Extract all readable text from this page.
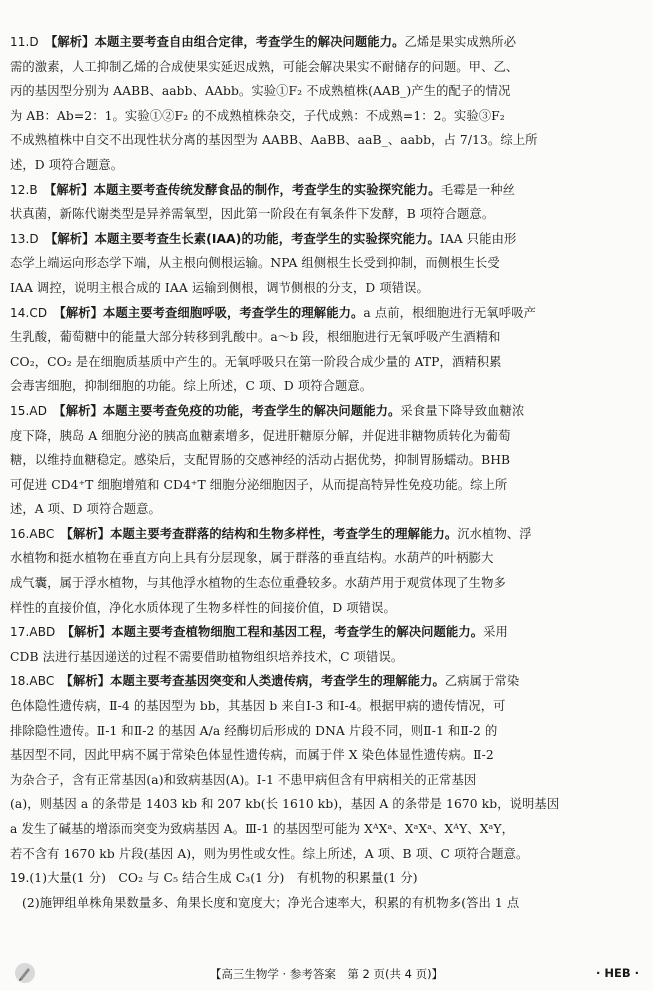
11.D　 【解析】本题主要考查自由组合定律，考查学生的解决问题能力。乙烯是果实成熟所必
需的激素，人工抑制乙烯的合成使果实延迟成熟，可能会解决果实不耐储存的问题。甲、乙、
丙的基因型分别为 AABB、aabb、AAbb。实验①F₂ 不成熟植株(AAB_)产生的配子的情况
为 AB：Ab=2：1。实验①②F₂ 的不成熟植株杂交，子代成熟：不成熟=1：2。实验③F₂
不成熟植株中自交不出现性状分离的基因型为 AABB、AaBB、aaB_、aabb，占 7/13。综上所
述，D 项符合题意。
12.B　 【解析】本题主要考查传统发酵食品的制作，考查学生的实验探究能力。毛霉是一种丝
状真菌，新陈代谢类型是异养需氧型，因此第一阶段在有氧条件下发酵，B 项符合题意。
13.D　 【解析】本题主要考查生长素(IAA)的功能，考查学生的实验探究能力。IAA 只能由形
态学上端运向形态学下端，从主根向侧根运输。NPA 组侧根生长受到抑制，而侧根生长受
IAA 调控，说明主根合成的 IAA 运输到侧根，调节侧根的分支，D 项错误。
14.CD　 【解析】本题主要考查细胞呼吸，考查学生的理解能力。a 点前，根细胞进行无氧呼吸产
生乳酸，葡萄糖中的能量大部分转移到乳酸中。a～b 段，根细胞进行无氧呼吸产生酒精和
CO₂，CO₂ 是在细胞质基质中产生的。无氧呼吸只在第一阶段合成少量的 ATP，酒精积累
会毒害细胞，抑制细胞的功能。综上所述，C 项、D 项符合题意。
15.AD　 【解析】本题主要考查免疫的功能，考查学生的解决问题能力。采食量下降导致血糖浓
度下降，胰岛 A 细胞分泌的胰高血糖素增多，促进肝糖原分解，并促进非糖物质转化为葡萄
糖，以维持血糖稳定。感染后，支配胃肠的交感神经的活动占据优势，抑制胃肠蠕动。BHB
可促进 CD4⁺T 细胞增殖和 CD4⁺T 细胞分泌细胞因子，从而提高特异性免疫功能。综上所
述，A 项、D 项符合题意。
16.ABC　 【解析】本题主要考查群落的结构和生物多样性，考查学生的理解能力。沉水植物、浮
水植物和挺水植物在垂直方向上具有分层现象，属于群落的垂直结构。水葫芦的叶柄膨大
成气囊，属于浮水植物，与其他浮水植物的生态位重叠较多。水葫芦用于观赏体现了生物多
样性的直接价值，净化水质体现了生物多样性的间接价值，D 项错误。
17.ABD　 【解析】本题主要考查植物细胞工程和基因工程，考查学生的解决问题能力。采用
CDB 法进行基因递送的过程不需要借助植物组织培养技术，C 项错误。
18.ABC　 【解析】本题主要考查基因突变和人类遗传病，考查学生的理解能力。乙病属于常染
色体隐性遗传病，Ⅱ-4 的基因型为 bb，其基因 b 来自Ⅰ-3 和Ⅰ-4。根据甲病的遗传情况，可
排除隐性遗传。Ⅱ-1 和Ⅱ-2 的基因 A/a 经酶切后形成的 DNA 片段不同，则Ⅱ-1 和Ⅱ-2 的
基因型不同，因此甲病不属于常染色体显性遗传病，而属于伴 X 染色体显性遗传病。Ⅱ-2
为杂合子，含有正常基因(a)和致病基因(A)。Ⅰ-1 不患甲病但含有甲病相关的正常基因
(a)，则基因 a 的条带是 1403 kb 和 207 kb(长 1610 kb)，基因 A 的条带是 1670 kb，说明基因
a 发生了碱基的增添而突变为致病基因 A。Ⅲ-1 的基因型可能为 XᴬXᵃ、XᵃXᵃ、XᴬY、XᵃY，
若不含有 1670 kb 片段(基因 A)，则为男性或女性。综上所述，A 项、B 项、C 项符合题意。
19.(1)大量(1 分)　CO₂ 与 C₅ 结合生成 C₃(1 分)　有机物的积累量(1 分)
(2)施钾组单株角果数量多、角果长度和宽度大；净光合速率大，积累的有机物多(答出 1 点
【高三生物学 · 参考答案　第 2 页(共 4 页)】	· HEB ·
